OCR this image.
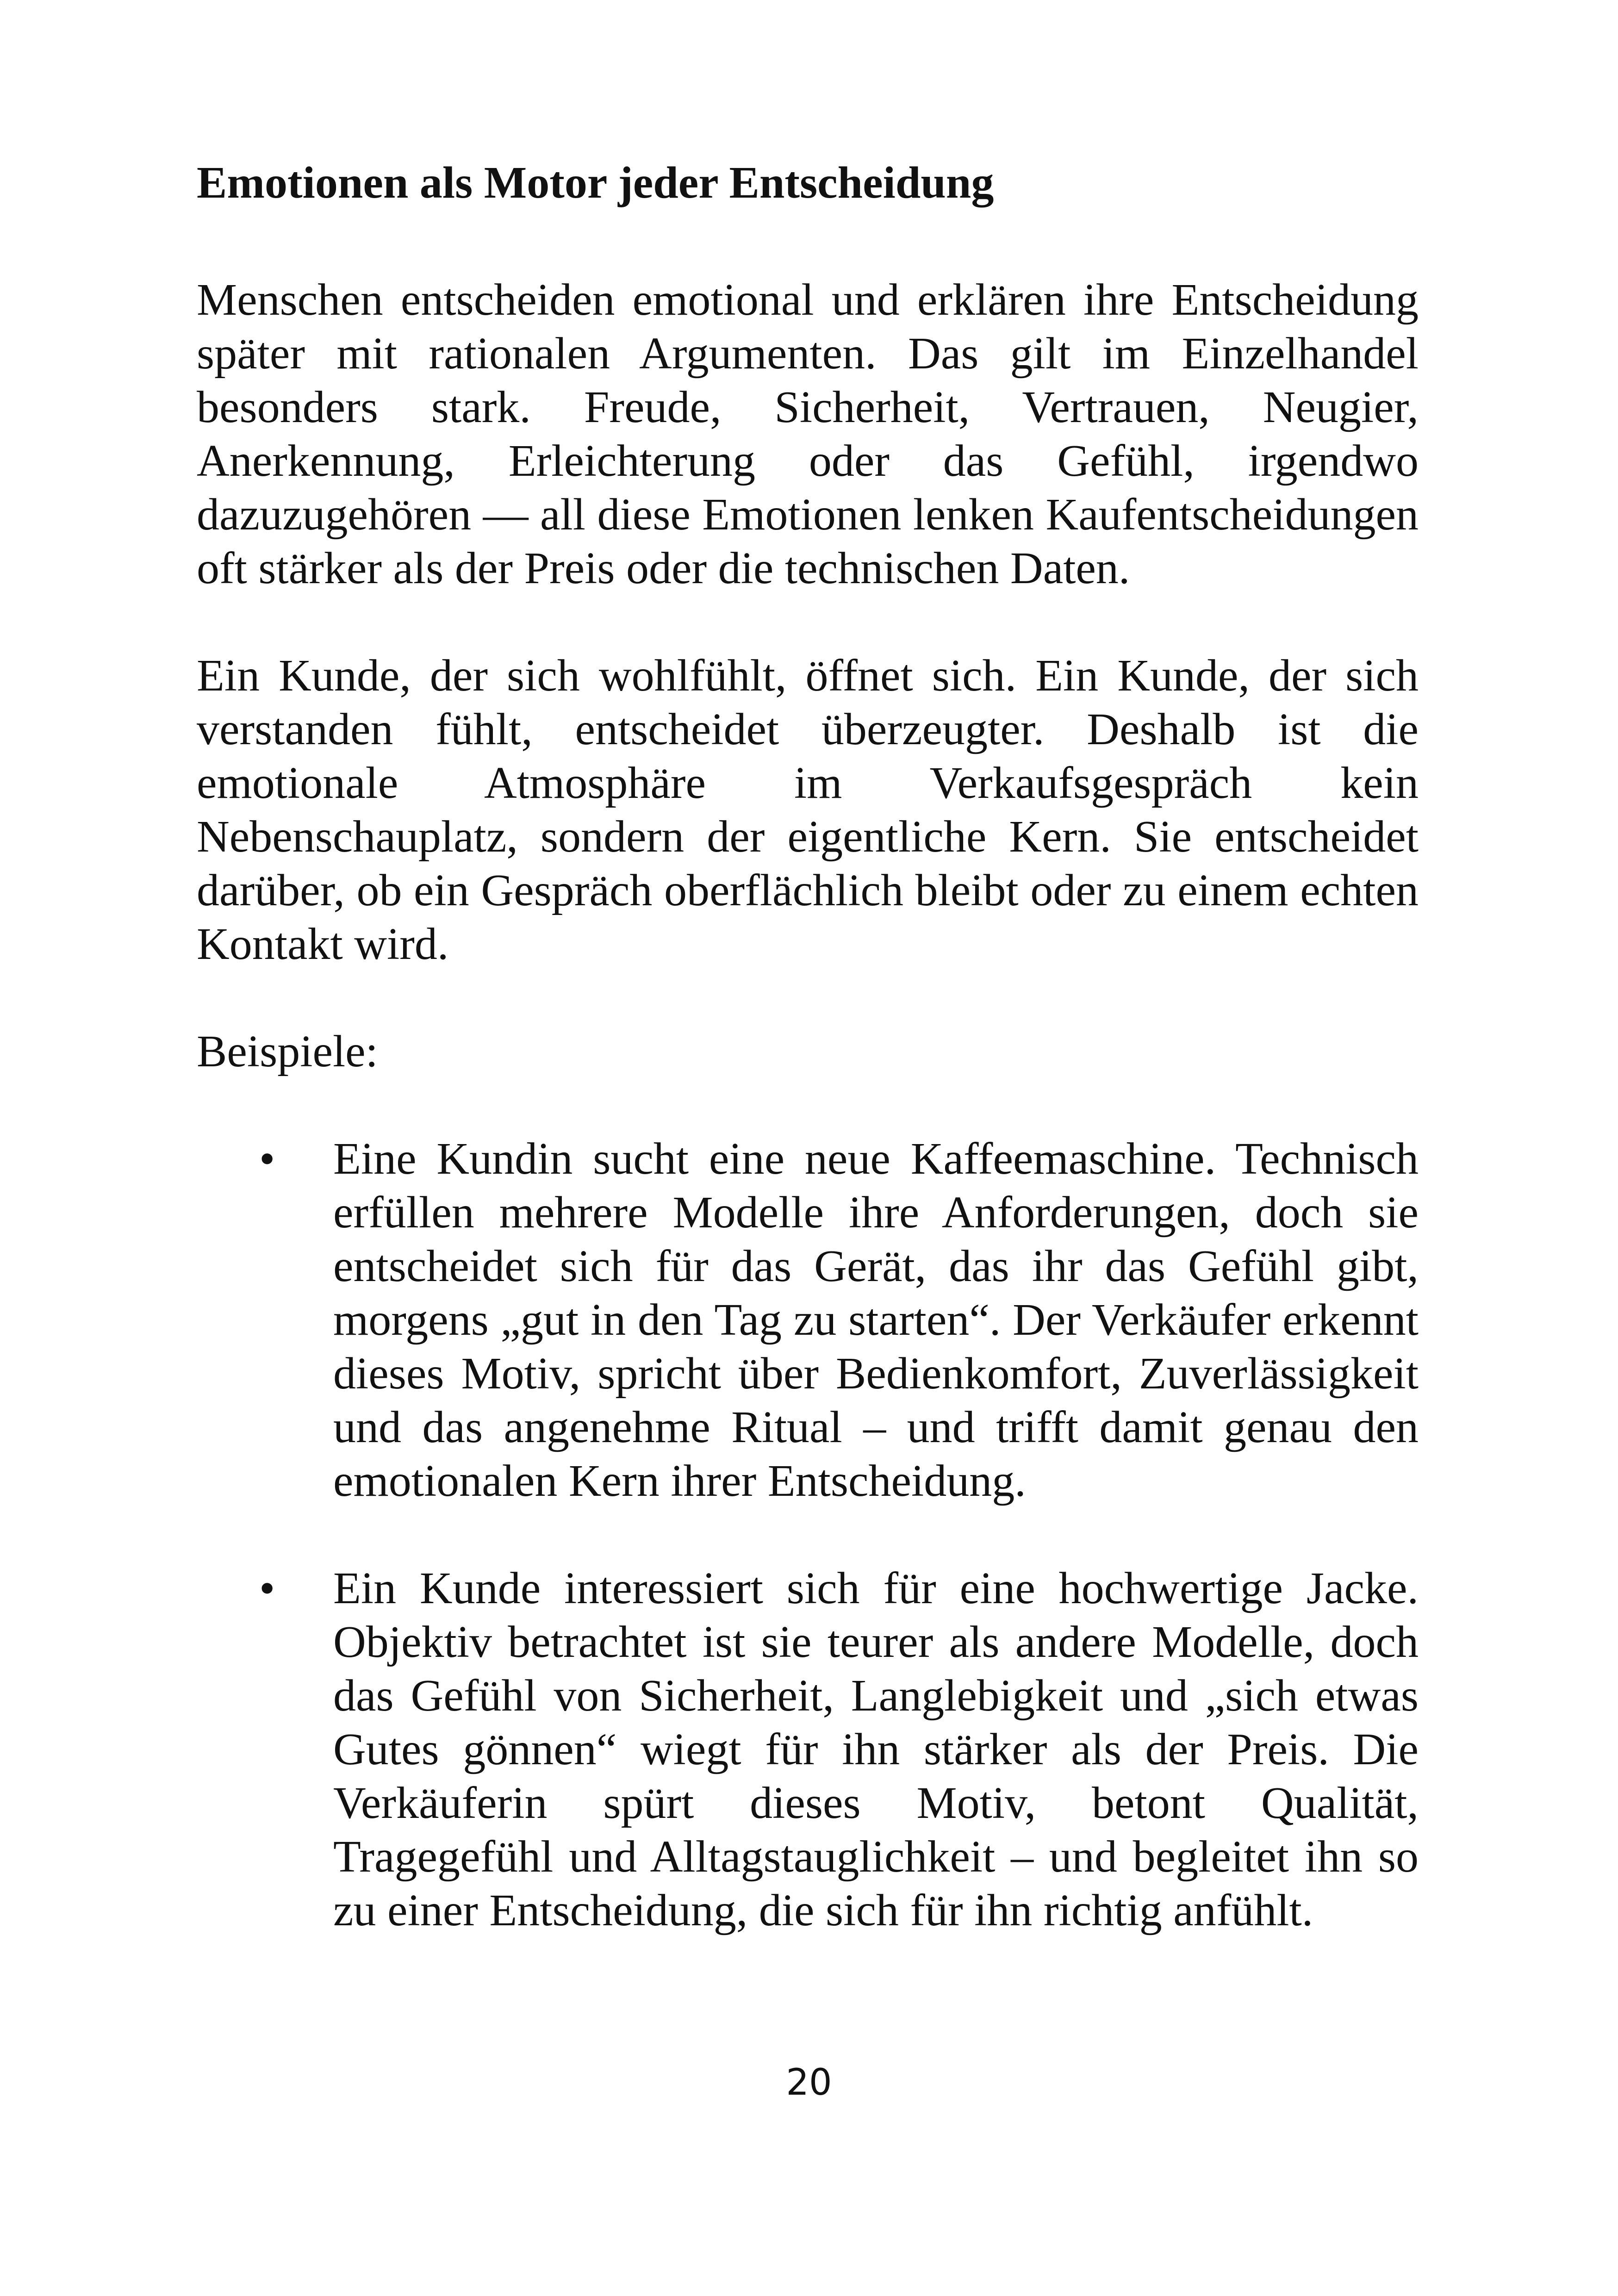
Emotionen als Motor jeder Entscheidung

Menschen entscheiden emotional und erklären ihre Entscheidung später mit rationalen Argumenten. Das gilt im Einzelhandel besonders stark. Freude, Sicherheit, Vertrauen, Neugier, Anerkennung, Erleichterung oder das Gefühl, irgendwo dazuzugehören — all diese Emotionen lenken Kaufentscheidungen oft stärker als der Preis oder die technischen Daten.

Ein Kunde, der sich wohlfühlt, öffnet sich. Ein Kunde, der sich verstanden fühlt, entscheidet überzeugter. Deshalb ist die emotionale Atmosphäre im Verkaufsgespräch kein Nebenschauplatz, sondern der eigentliche Kern. Sie entscheidet darüber, ob ein Gespräch oberflächlich bleibt oder zu einem echten Kontakt wird.

Beispiele:
• Eine Kundin sucht eine neue Kaffeemaschine. Technisch erfüllen mehrere Modelle ihre Anforderungen, doch sie entscheidet sich für das Gerät, das ihr das Gefühl gibt, morgens „gut in den Tag zu starten“. Der Verkäufer erkennt dieses Motiv, spricht über Bedienkomfort, Zuverlässigkeit und das angenehme Ritual – und trifft damit genau den emotionalen Kern ihrer Entscheidung.
• Ein Kunde interessiert sich für eine hochwertige Jacke. Objektiv betrachtet ist sie teurer als andere Modelle, doch das Gefühl von Sicherheit, Langlebigkeit und „sich etwas Gutes gönnen“ wiegt für ihn stärker als der Preis. Die Verkäuferin spürt dieses Motiv, betont Qualität, Tragegefühl und Alltagstauglichkeit – und begleitet ihn so zu einer Entscheidung, die sich für ihn richtig anfühlt.
20
